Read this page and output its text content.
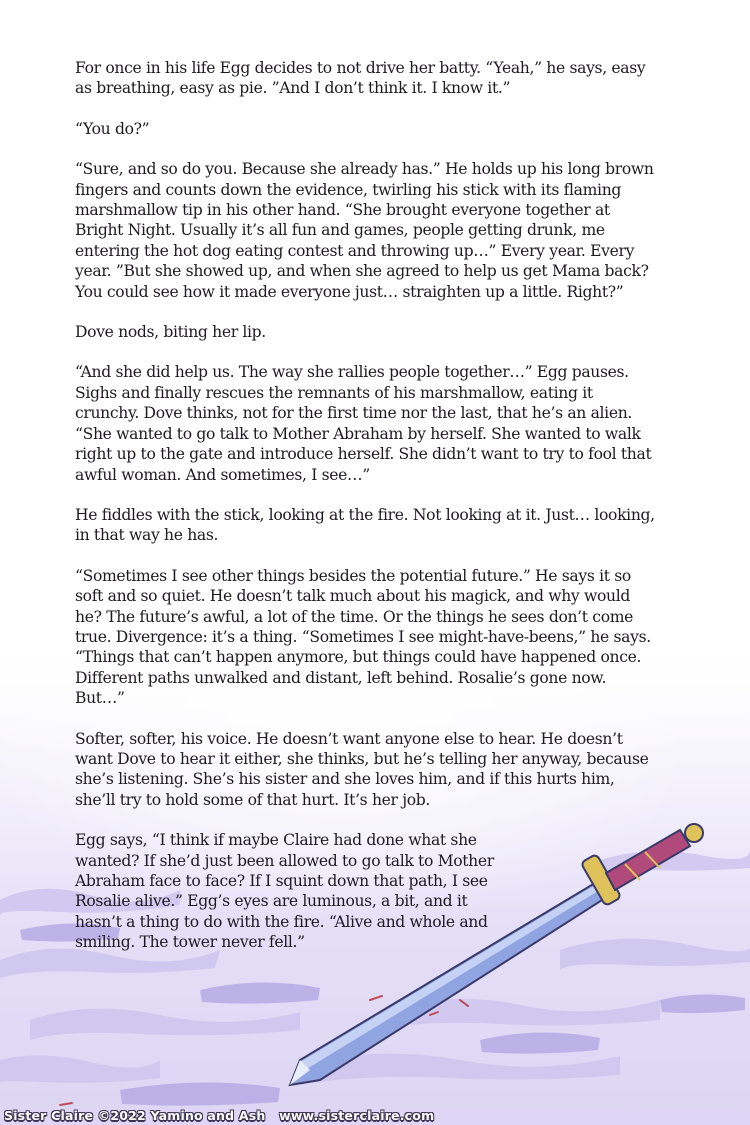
For once in his life Egg decides to not drive her batty. “Yeah,” he says, easy as breathing, easy as pie. ”And I don’t think it. I know it.”

“You do?”

“Sure, and so do you. Because she already has.” He holds up his long brown fingers and counts down the evidence, twirling his stick with its flaming marshmallow tip in his other hand. “She brought everyone together at Bright Night. Usually it’s all fun and games, people getting drunk, me entering the hot dog eating contest and throwing up…” Every year. Every year. ”But she showed up, and when she agreed to help us get Mama back? You could see how it made everyone just… straighten up a little. Right?”

Dove nods, biting her lip.

“And she did help us. The way she rallies people together…” Egg pauses. Sighs and finally rescues the remnants of his marshmallow, eating it crunchy. Dove thinks, not for the first time nor the last, that he’s an alien. “She wanted to go talk to Mother Abraham by herself. She wanted to walk right up to the gate and introduce herself. She didn’t want to try to fool that awful woman. And sometimes, I see…”

He fiddles with the stick, looking at the fire. Not looking at it. Just… looking, in that way he has.

“Sometimes I see other things besides the potential future.” He says it so soft and so quiet. He doesn’t talk much about his magick, and why would he? The future’s awful, a lot of the time. Or the things he sees don’t come true. Divergence: it’s a thing. “Sometimes I see might-have-beens,” he says. “Things that can’t happen anymore, but things could have happened once. Different paths unwalked and distant, left behind. Rosalie’s gone now. But…”

Softer, softer, his voice. He doesn’t want anyone else to hear. He doesn’t want Dove to hear it either, she thinks, but he’s telling her anyway, because she’s listening. She’s his sister and she loves him, and if this hurts him, she’ll try to hold some of that hurt. It’s her job.

Egg says, “I think if maybe Claire had done what she wanted? If she’d just been allowed to go talk to Mother Abraham face to face? If I squint down that path, I see Rosalie alive.” Egg’s eyes are luminous, a bit, and it hasn’t a thing to do with the fire. “Alive and whole and smiling. The tower never fell.”

Sister Claire ©2022 Yamino and Ash   www.sisterclaire.com
